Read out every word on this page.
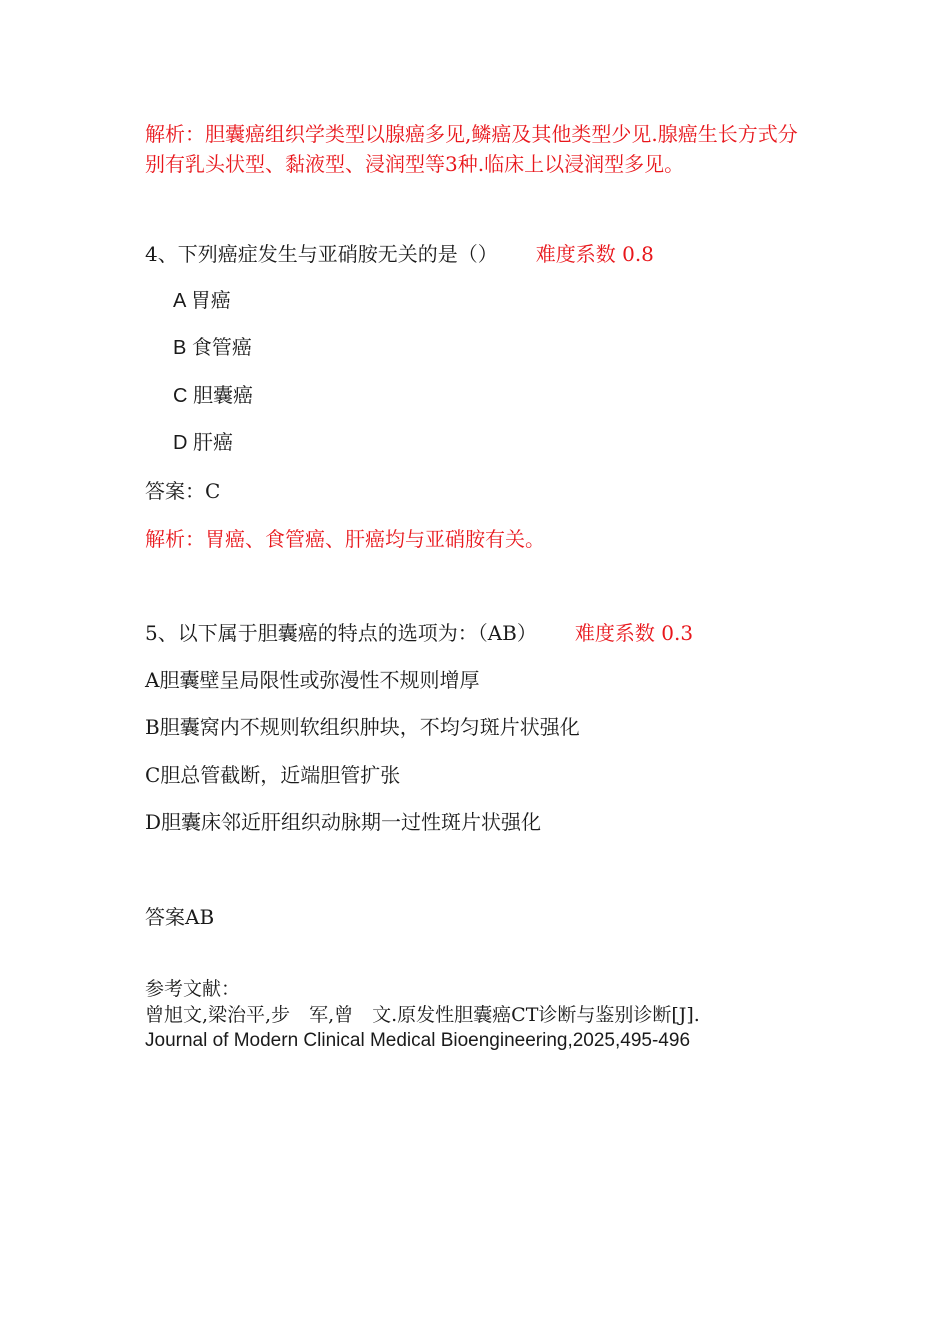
解析：胆囊癌组织学类型以腺癌多见,鳞癌及其他类型少见.腺癌生长方式分别有乳头状型、黏液型、浸润型等3种.临床上以浸润型多见。
4、下列癌症发生与亚硝胺无关的是（） 难度系数 0.8
A 胃癌
B 食管癌
C 胆囊癌
D 肝癌
答案：C
解析：胃癌、食管癌、肝癌均与亚硝胺有关。
5、以下属于胆囊癌的特点的选项为：（AB） 难度系数 0.3
A胆囊壁呈局限性或弥漫性不规则增厚
B胆囊窝内不规则软组织肿块，不均匀斑片状强化
C胆总管截断，近端胆管扩张
D胆囊床邻近肝组织动脉期一过性斑片状强化
答案AB
参考文献：
曾旭文,梁治平,步　军,曾　文.原发性胆囊癌CT诊断与鉴别诊断[J].
Journal of Modern Clinical Medical Bioengineering,2025,495-496
